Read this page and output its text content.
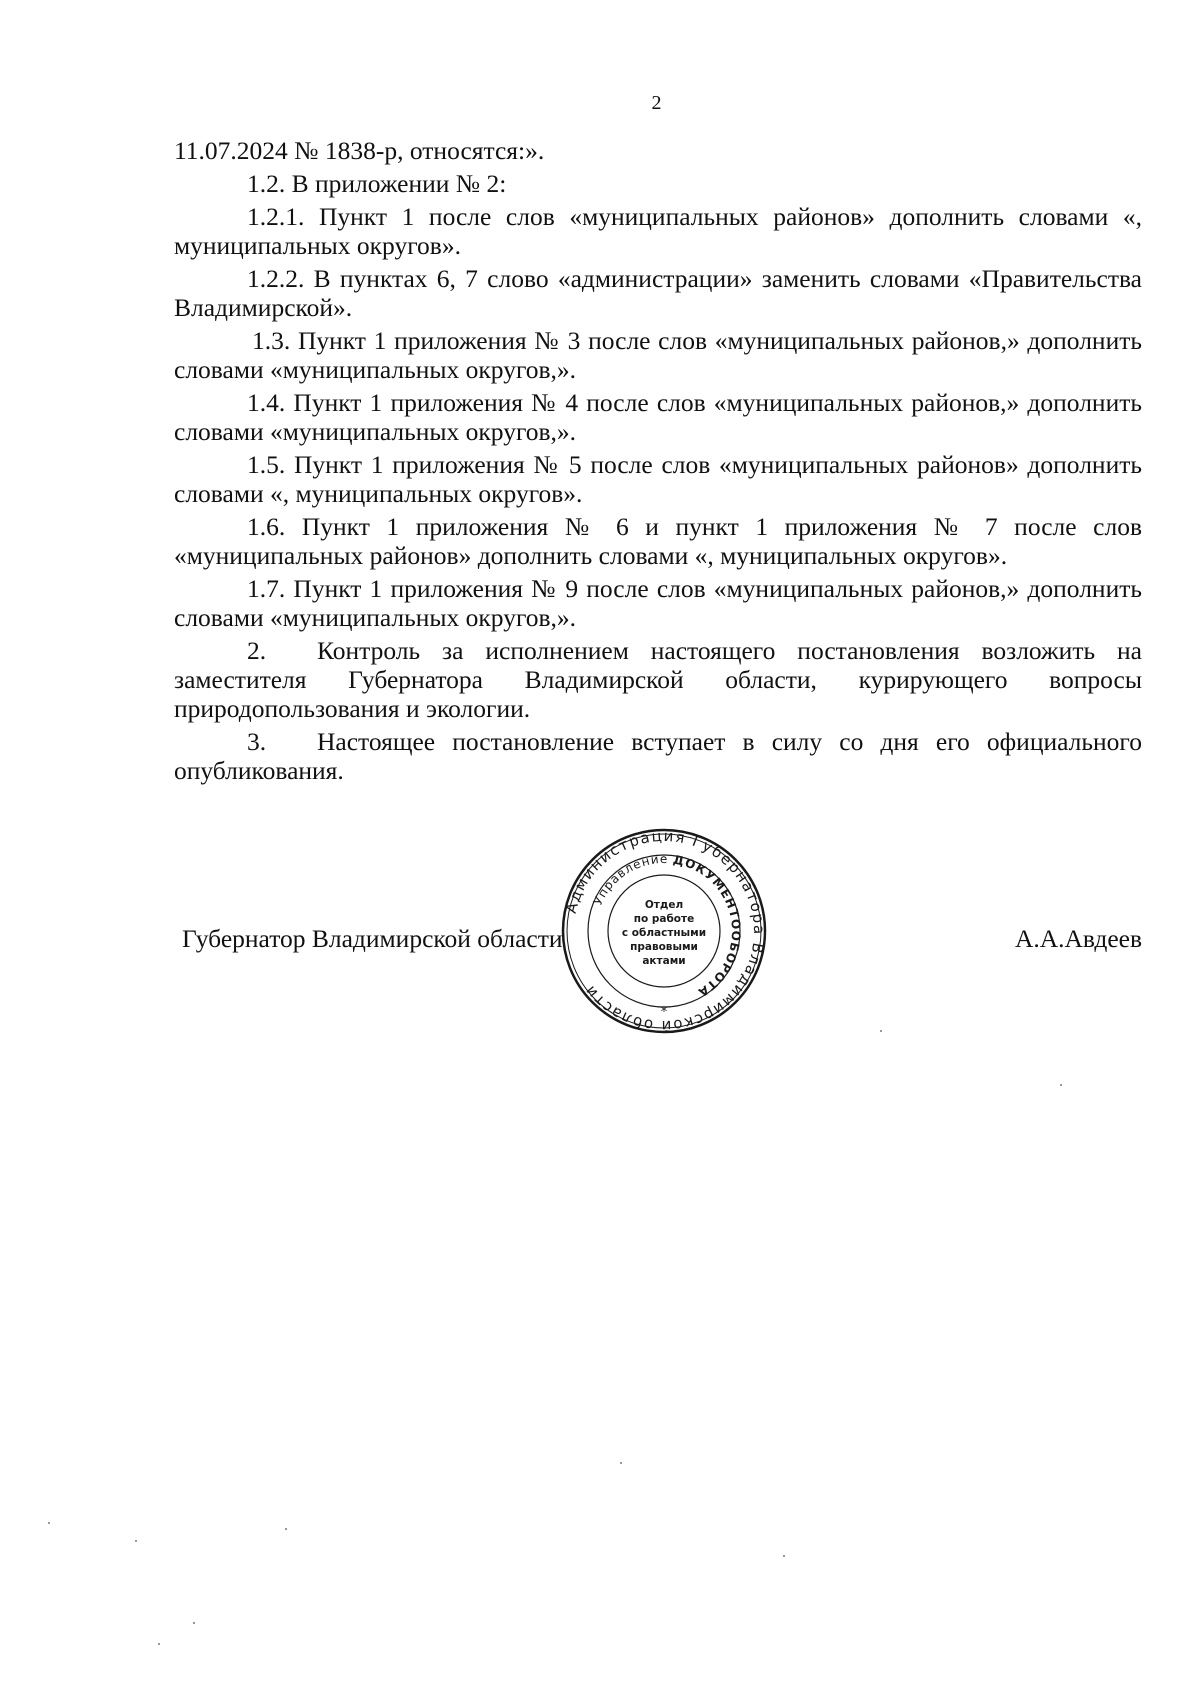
2

11.07.2024 № 1838-р, относятся:».

1.2. В приложении № 2:

1.2.1. Пункт 1 после слов «муниципальных районов» дополнить словами «, муниципальных округов».

1.2.2. В пунктах 6, 7 слово «администрации» заменить словами «Правительства Владимирской».

1.3. Пункт 1 приложения № 3 после слов «муниципальных районов,» дополнить словами «муниципальных округов,».

1.4. Пункт 1 приложения № 4 после слов «муниципальных районов,» дополнить словами «муниципальных округов,».

1.5. Пункт 1 приложения № 5 после слов «муниципальных районов» дополнить словами «, муниципальных округов».

1.6. Пункт 1 приложения № 6 и пункт 1 приложения № 7 после слов «муниципальных районов» дополнить словами «, муниципальных округов».

1.7. Пункт 1 приложения № 9 после слов «муниципальных районов,» дополнить словами «муниципальных округов,».

2. Контроль за исполнением настоящего постановления возложить на заместителя Губернатора Владимирской области, курирующего вопросы природопользования и экологии.

3. Настоящее постановление вступает в силу со дня его официального опубликования.

Губернатор Владимирской области	А.А.Авдеев
Администрация Губернатора Владимирской области
ДОКУМЕНТООБОРОТА
Управление
Отдел
по работе
с областными
правовыми
актами
*
